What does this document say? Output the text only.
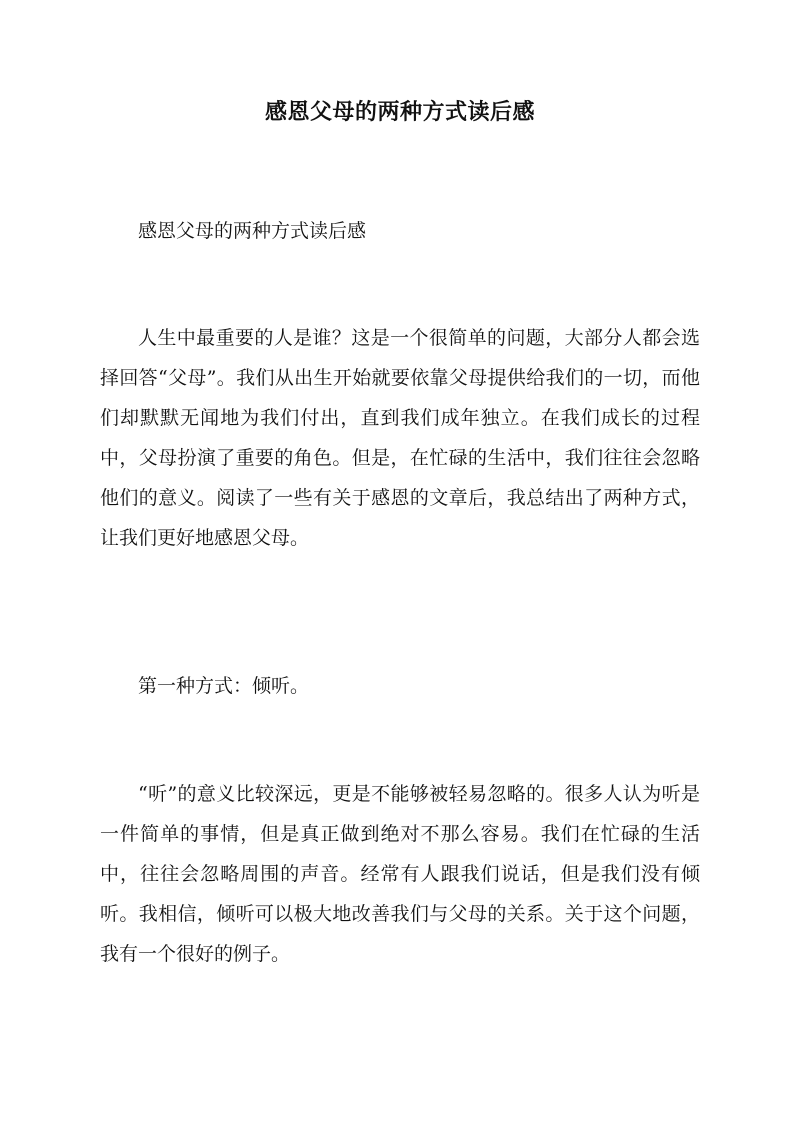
感恩父母的两种方式读后感

感恩父母的两种方式读后感

人生中最重要的人是谁？这是一个很简单的问题，大部分人都会选择回答“父母”。我们从出生开始就要依靠父母提供给我们的一切，而他们却默默无闻地为我们付出，直到我们成年独立。在我们成长的过程中，父母扮演了重要的角色。但是，在忙碌的生活中，我们往往会忽略他们的意义。阅读了一些有关于感恩的文章后，我总结出了两种方式，让我们更好地感恩父母。

第一种方式：倾听。

“听”的意义比较深远，更是不能够被轻易忽略的。很多人认为听是一件简单的事情，但是真正做到绝对不那么容易。我们在忙碌的生活中，往往会忽略周围的声音。经常有人跟我们说话，但是我们没有倾听。我相信，倾听可以极大地改善我们与父母的关系。关于这个问题，我有一个很好的例子。
